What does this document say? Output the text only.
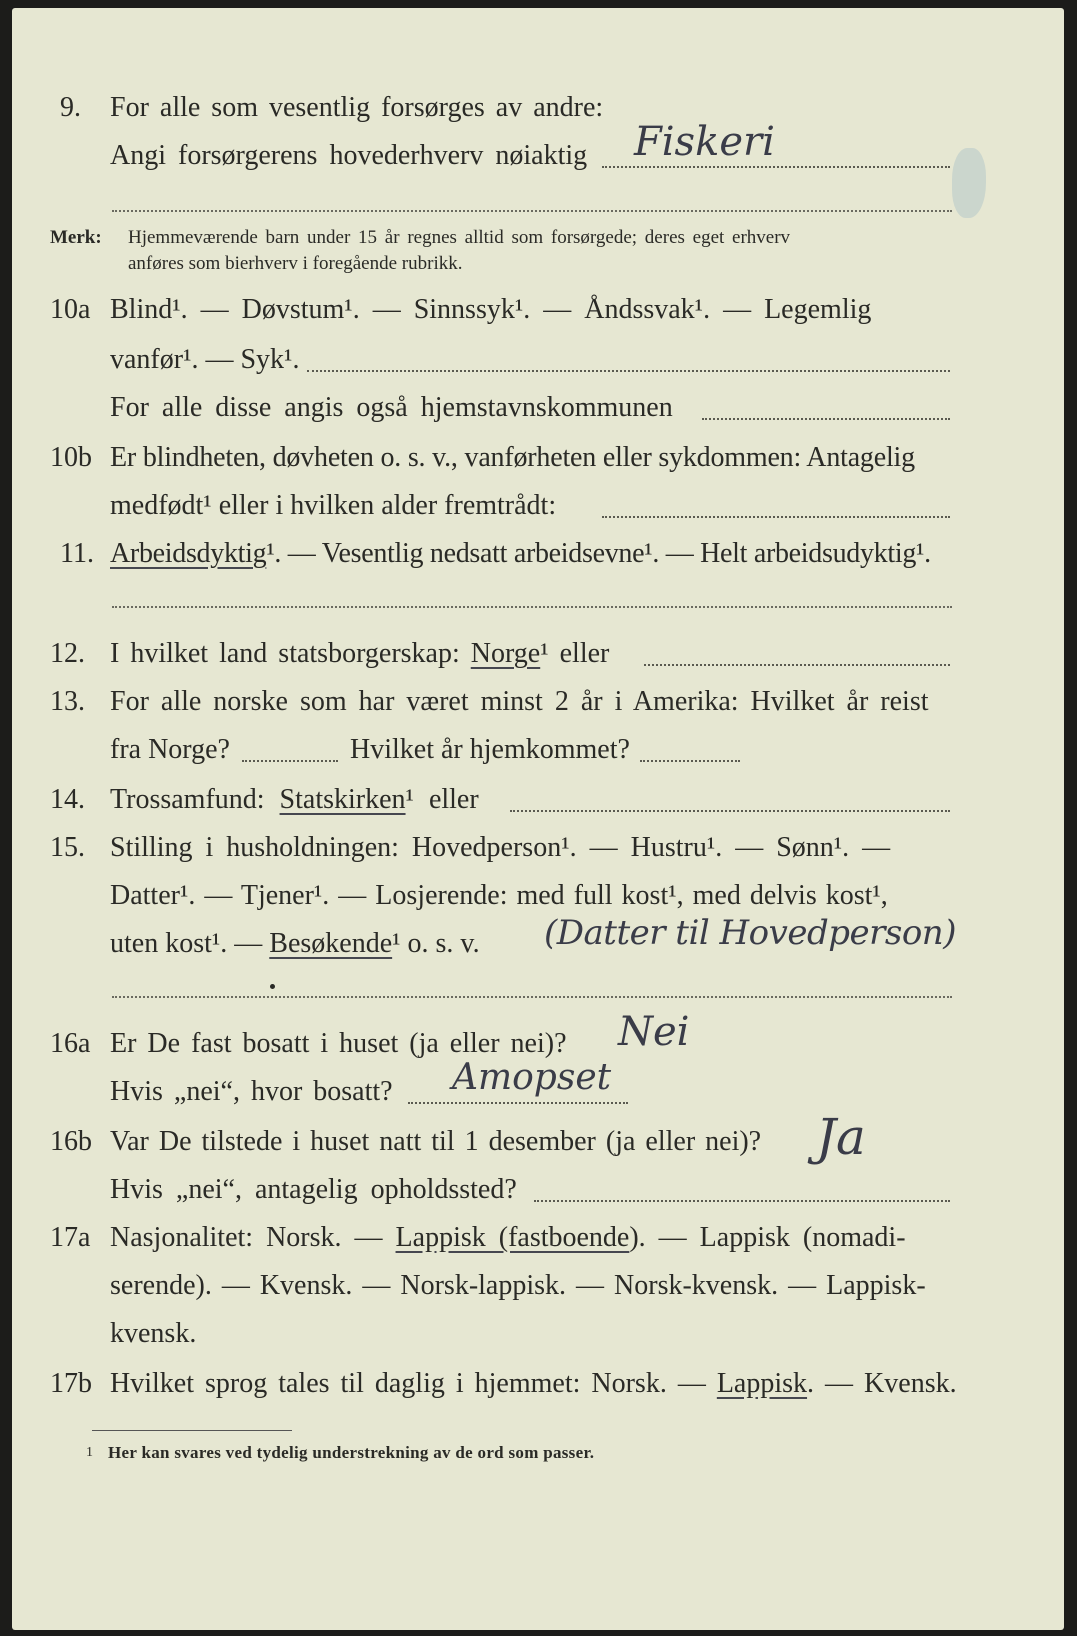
9. For alle som vesentlig forsørges av andre:
Angi forsørgerens hovederhverv nøiaktig Fiskeri
Merk: Hjemmeværende barn under 15 år regnes alltid som forsørgede; deres eget erhverv
anføres som bierhverv i foregående rubrikk.
10a Blind¹. — Døvstum¹. — Sinnssyk¹. — Åndssvak¹. — Legemlig
vanfør¹. — Syk¹.
For alle disse angis også hjemstavnskommunen
10b Er blindheten, døvheten o. s. v., vanførheten eller sykdommen: Antagelig
medfødt¹ eller i hvilken alder fremtrådt:
11. Arbeidsdyktig¹. — Vesentlig nedsatt arbeidsevne¹. — Helt arbeidsudyktig¹.
12. I hvilket land statsborgerskap: Norge¹ eller
13. For alle norske som har været minst 2 år i Amerika: Hvilket år reist
fra Norge?	Hvilket år hjemkommet?
14. Trossamfund: Statskirken¹ eller
15. Stilling i husholdningen: Hovedperson¹. — Hustru¹. — Sønn¹. —
Datter¹. — Tjener¹. — Losjerende: med full kost¹, med delvis kost¹,
uten kost¹. — Besøkende¹ o. s. v. (Datter til Hovedperson)
16a Er De fast bosatt i huset (ja eller nei)? Nei
Hvis „nei“, hvor bosatt? Amopset
16b Var De tilstede i huset natt til 1 desember (ja eller nei)? Ja
Hvis „nei“, antagelig opholdssted?
17a Nasjonalitet: Norsk. — Lappisk (fastboende). — Lappisk (nomadi-
serende). — Kvensk. — Norsk-lappisk. — Norsk-kvensk. — Lappisk-
kvensk.
17b Hvilket sprog tales til daglig i hjemmet: Norsk. — Lappisk. — Kvensk.
1 Her kan svares ved tydelig understrekning av de ord som passer.
